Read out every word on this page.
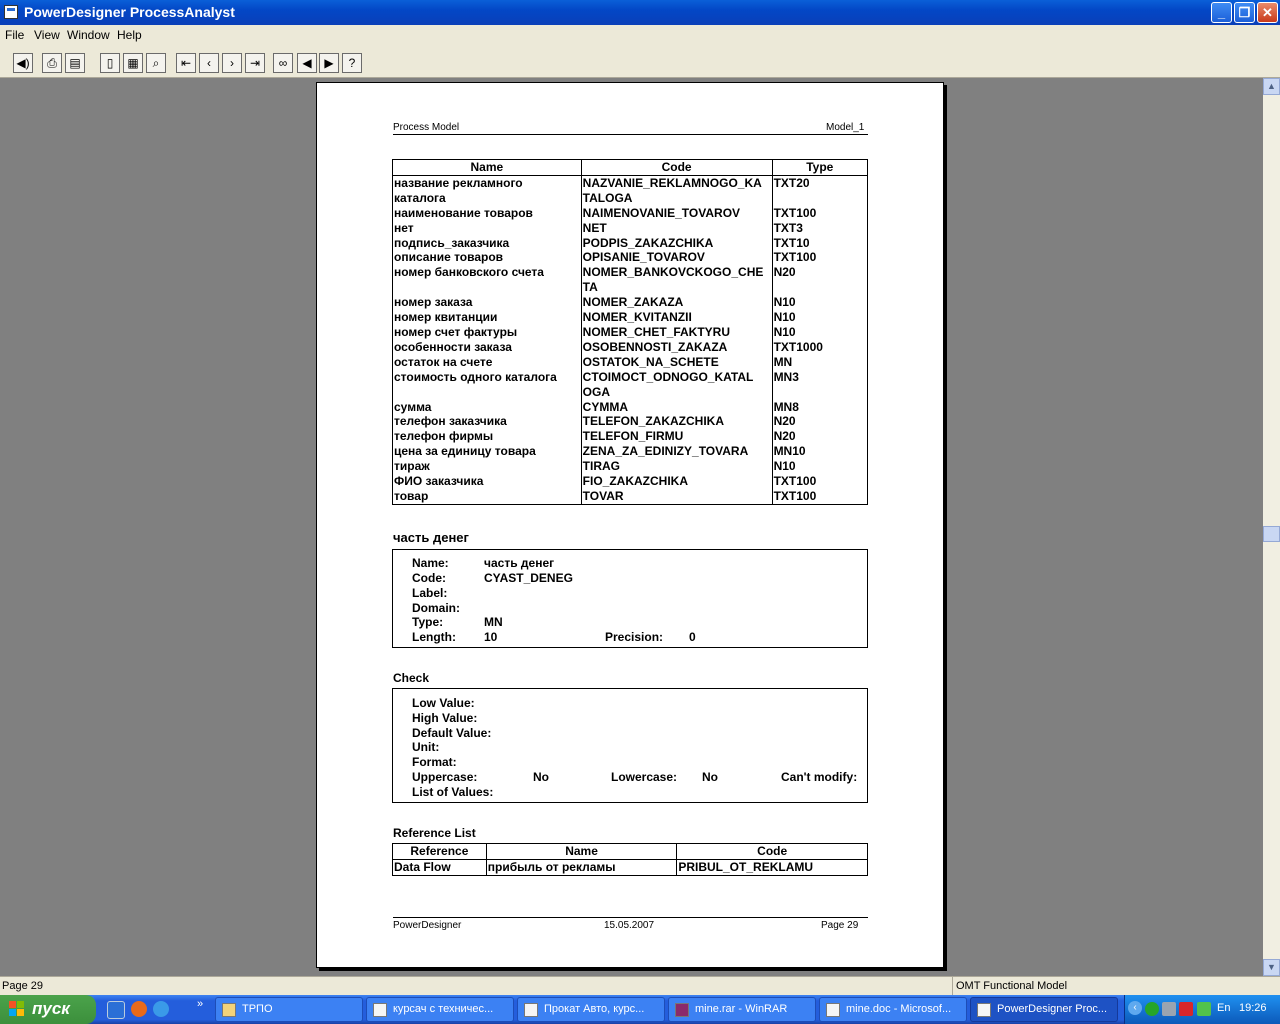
PowerDesigner ProcessAnalyst	_	❐ ✕
File View Window Help
◀)	⎙	▤	▯	▦	⌕	⇤	‹	›	⇥	∞	◀	▶	?
▲
▼
Process Model	Model_1
Name	Code	Type
название рекламного
каталога	NAZVANIE_REKLAMNOGO_KA
TALOGA	TXT20
наименование товаров	NAIMENOVANIE_TOVAROV	TXT100
нет	NET	TXT3
подпись_заказчика	PODPIS_ZAKAZCHIKA	TXT10
описание товаров	OPISANIE_TOVAROV	TXT100
номер банковского счета	NOMER_BANKOVCKOGO_CHE
TA	N20
номер заказа	NOMER_ZAKAZA	N10
номер квитанции	NOMER_KVITANZII	N10
номер счет фактуры	NOMER_CHET_FAKTYRU	N10
особенности заказа	OSOBENNOSTI_ZAKAZA	TXT1000
остаток на счете	OSTATOK_NA_SCHETE	MN
стоимость одного каталога	CTOIMOCT_ODNOGO_KATAL
OGA	MN3
сумма	CYMMA	MN8
телефон заказчика	TELEFON_ZAKAZCHIKA	N20
телефон фирмы	TELEFON_FIRMU	N20
цена за единицу товара	ZENA_ZA_EDINIZY_TOVARA	MN10
тираж	TIRAG	N10
ФИО заказчика	FIO_ZAKAZCHIKA	TXT100
товар	TOVAR	TXT100
часть денег
Name:	часть денег
Code:	CYAST_DENEG
Label:
Domain:
Type:	MN
Length: 10	Precision: 0
Check
Low Value:
High Value:
Default Value:
Unit:
Format:
Uppercase:	No	Lowercase: No	Can't modify:
List of Values:
Reference List
Reference	Name	Code
Data Flow	прибыль от рекламы	PRIBUL_OT_REKLAMU
PowerDesigner	15.05.2007	Page 29
Page 29	OMT Functional Model
пуск	»	ТРПО	курсач с техничес...	Прокат Авто, курс...	mine.rar - WinRAR	mine.doc - Microsof...	PowerDesigner Proc...	‹	En 19:26
